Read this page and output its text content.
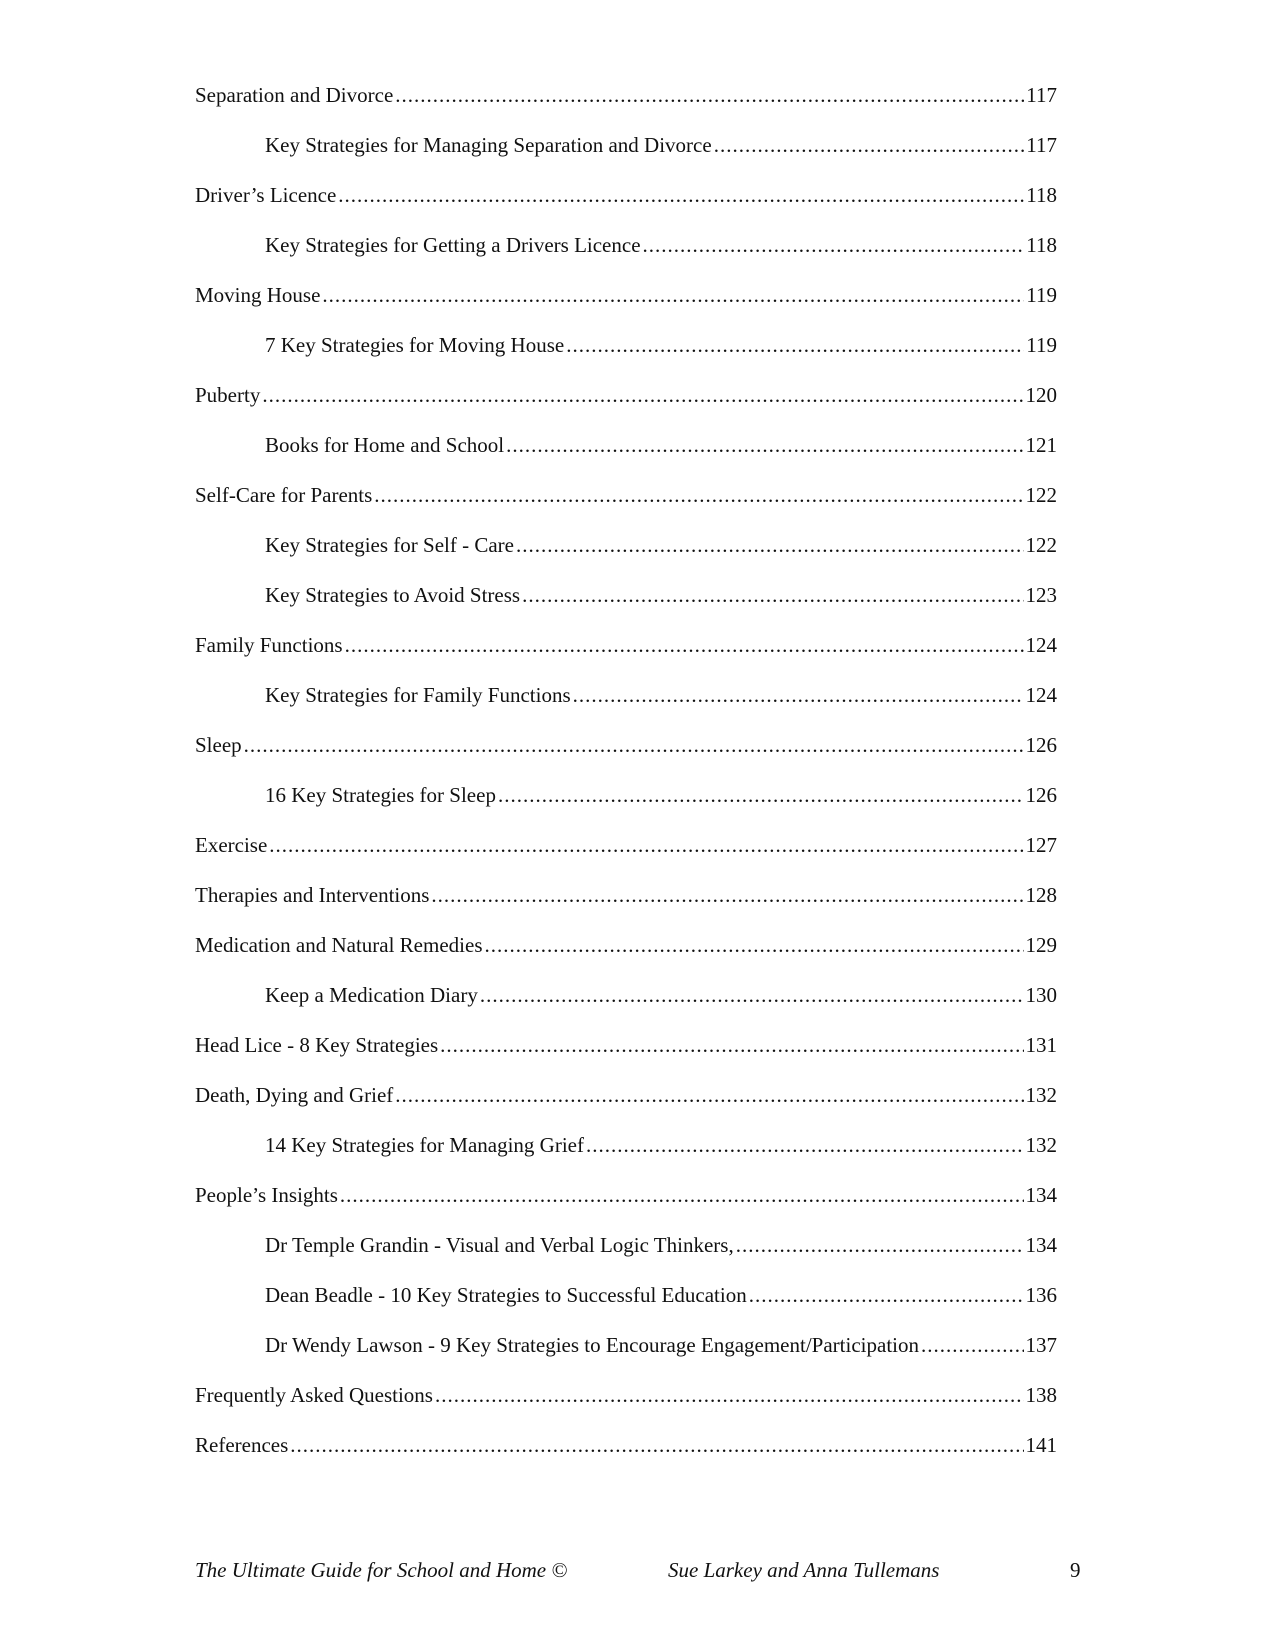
Separation and Divorce .....	117
Key Strategies for Managing Separation and Divorce .....	117
Driver’s Licence .....	118
Key Strategies for Getting a Drivers Licence .....	118
Moving House .....	119
7 Key Strategies for Moving House .....	119
Puberty .....	120
Books for Home and School .....	121
Self-Care for Parents .....	122
Key Strategies for Self - Care .....	122
Key Strategies to Avoid Stress .....	123
Family Functions .....	124
Key Strategies for Family Functions .....	124
Sleep .....	126
16 Key Strategies for Sleep .....	126
Exercise .....	127
Therapies and Interventions .....	128
Medication and Natural Remedies .....	129
Keep a Medication Diary .....	130
Head Lice - 8 Key Strategies .....	131
Death, Dying and Grief .....	132
14 Key Strategies for Managing Grief .....	132
People’s Insights .....	134
Dr Temple Grandin - Visual and Verbal Logic Thinkers, .....	134
Dean Beadle - 10 Key Strategies to Successful Education .....	136
Dr Wendy Lawson - 9 Key Strategies to Encourage Engagement/Participation .....	137
Frequently Asked Questions .....	138
References .....	141
The Ultimate Guide for School and Home ©	Sue Larkey and Anna Tullemans	9
